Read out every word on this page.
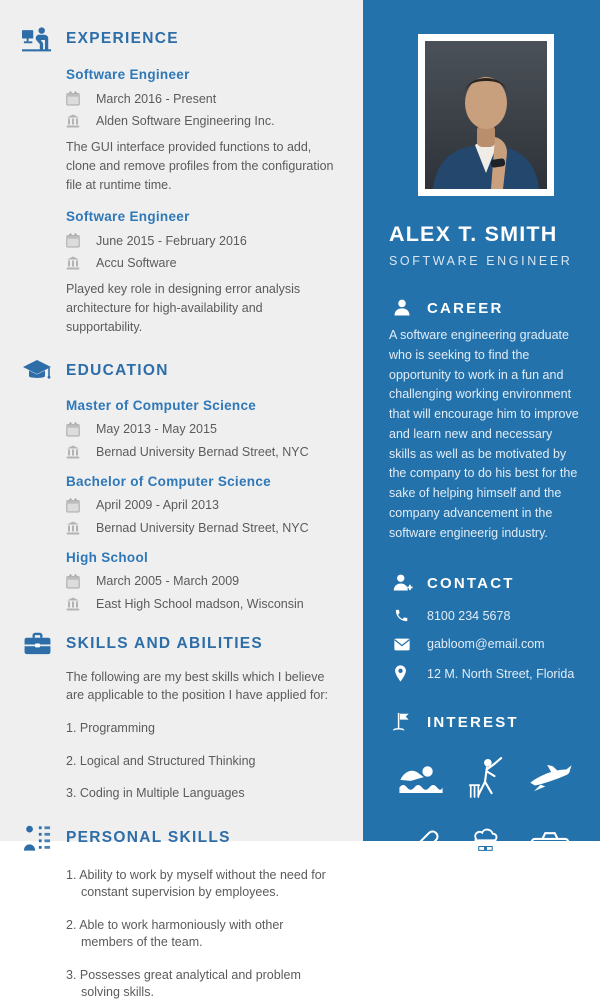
EXPERIENCE
Software Engineer
March 2016 - Present
Alden Software Engineering Inc.

The GUI interface provided functions to add, clone and remove profiles from the configuration file at runtime time.

Software Engineer
June 2015 - February 2016
Accu Software

Played key role in designing error analysis architecture for high-availability and supportability.

EDUCATION
Master of Computer Science
May 2013 - May 2015
Bernad University Bernad Street, NYC
Bachelor of Computer Science
April 2009 - April 2013
Bernad University Bernad Street, NYC
High School
March 2005 - March 2009
East High School madson, Wisconsin
SKILLS AND ABILITIES

The following are my best skills which I believe are applicable to the position I have applied for:

1. Programming
2. Logical and Structured Thinking
3. Coding in Multiple Languages
PERSONAL SKILLS
1. Ability to work by myself without the need for constant supervision by employees.
2. Able to work harmoniously with other members of the team.
3. Possesses great analytical and problem solving skills.
ALEX T. SMITH
SOFTWARE ENGINEER
CAREER

A software engineering graduate who is seeking to find the opportunity to work in a fun and challenging working environment that will encourage him to improve and learn new and necessary skills as well as be motivated by the company to do his best for the sake of helping himself and the company advancement in the software engineerig industry.

CONTACT
8100 234 5678
gabloom@email.com
12 M. North Street, Florida
INTEREST
